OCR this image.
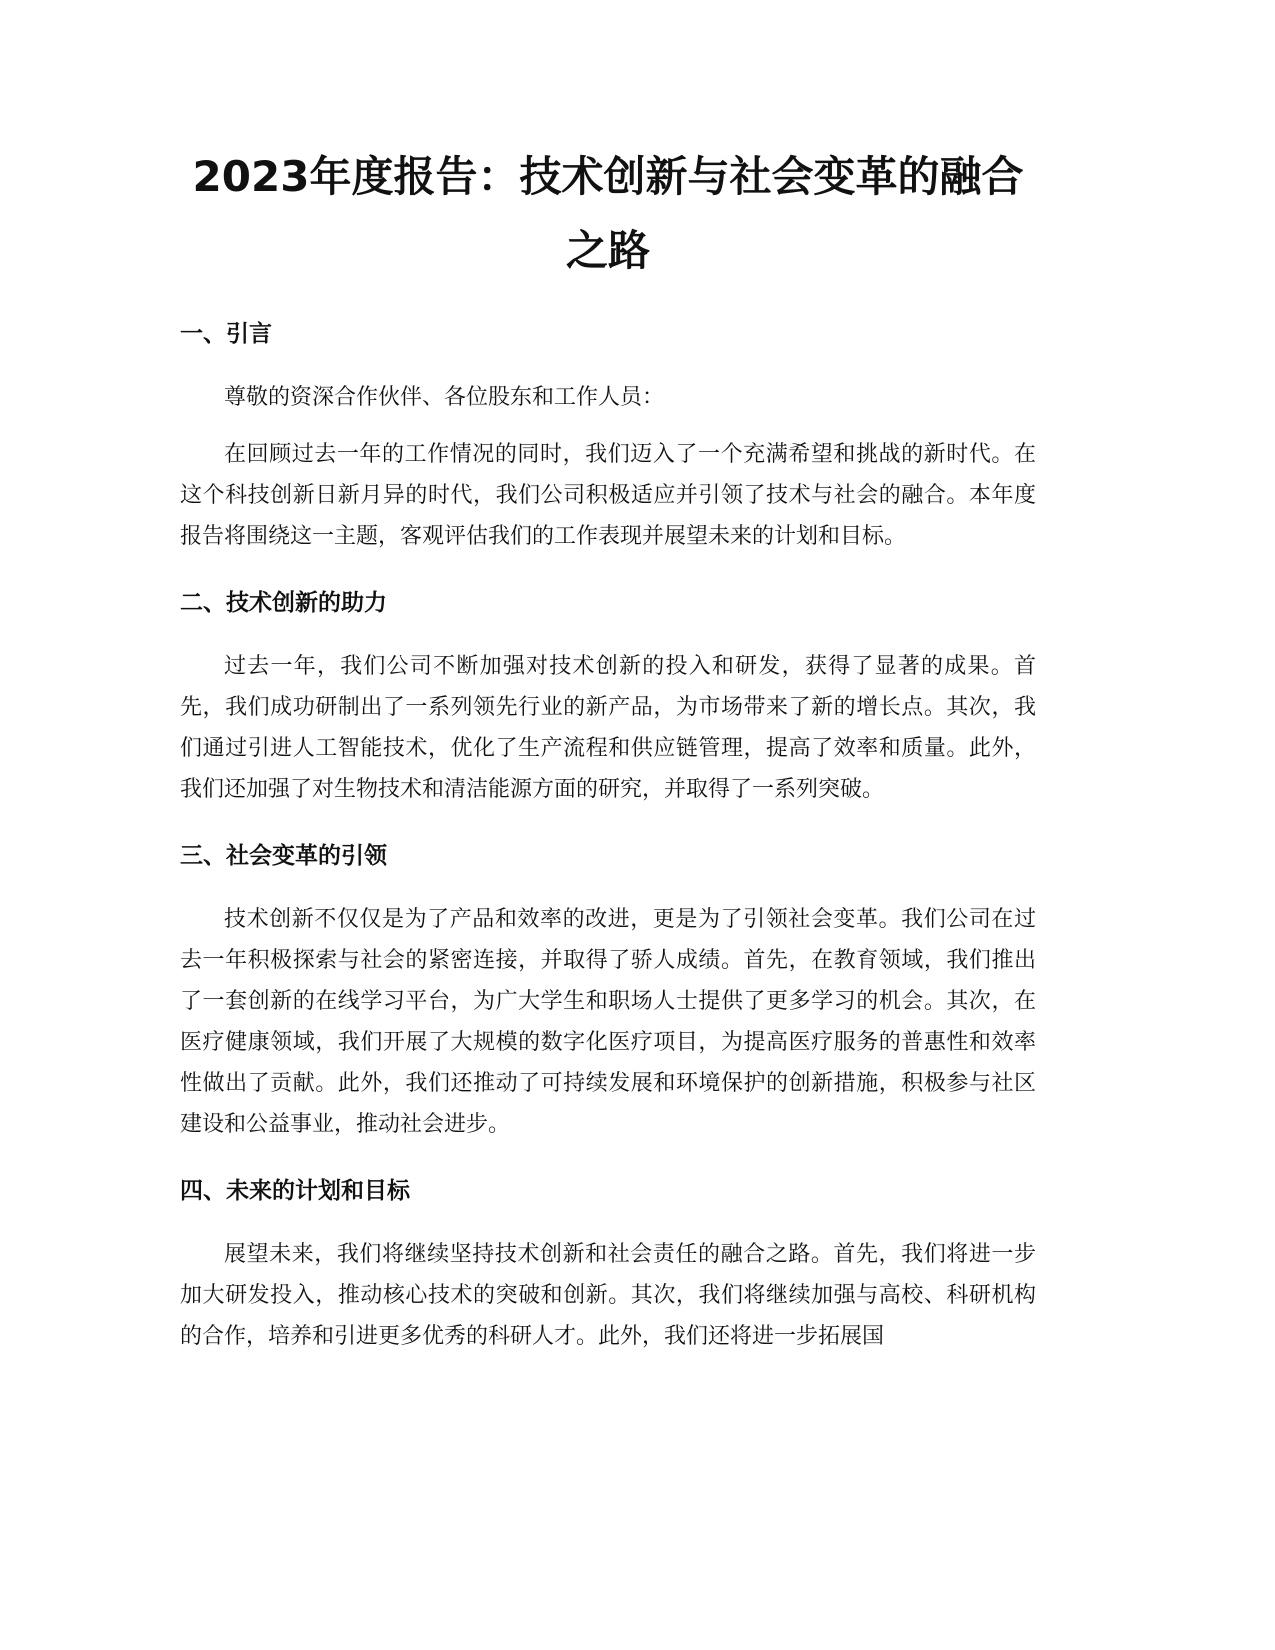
2023年度报告：技术创新与社会变革的融合之路
一、引言

尊敬的资深合作伙伴、各位股东和工作人员：

在回顾过去一年的工作情况的同时，我们迈入了一个充满希望和挑战的新时代。在这个科技创新日新月异的时代，我们公司积极适应并引领了技术与社会的融合。本年度报告将围绕这一主题，客观评估我们的工作表现并展望未来的计划和目标。

二、技术创新的助力

过去一年，我们公司不断加强对技术创新的投入和研发，获得了显著的成果。首先，我们成功研制出了一系列领先行业的新产品，为市场带来了新的增长点。其次，我们通过引进人工智能技术，优化了生产流程和供应链管理，提高了效率和质量。此外，我们还加强了对生物技术和清洁能源方面的研究，并取得了一系列突破。

三、社会变革的引领

技术创新不仅仅是为了产品和效率的改进，更是为了引领社会变革。我们公司在过去一年积极探索与社会的紧密连接，并取得了骄人成绩。首先，在教育领域，我们推出了一套创新的在线学习平台，为广大学生和职场人士提供了更多学习的机会。其次，在医疗健康领域，我们开展了大规模的数字化医疗项目，为提高医疗服务的普惠性和效率性做出了贡献。此外，我们还推动了可持续发展和环境保护的创新措施，积极参与社区建设和公益事业，推动社会进步。

四、未来的计划和目标

展望未来，我们将继续坚持技术创新和社会责任的融合之路。首先，我们将进一步加大研发投入，推动核心技术的突破和创新。其次，我们将继续加强与高校、科研机构的合作，培养和引进更多优秀的科研人才。此外，我们还将进一步拓展国
